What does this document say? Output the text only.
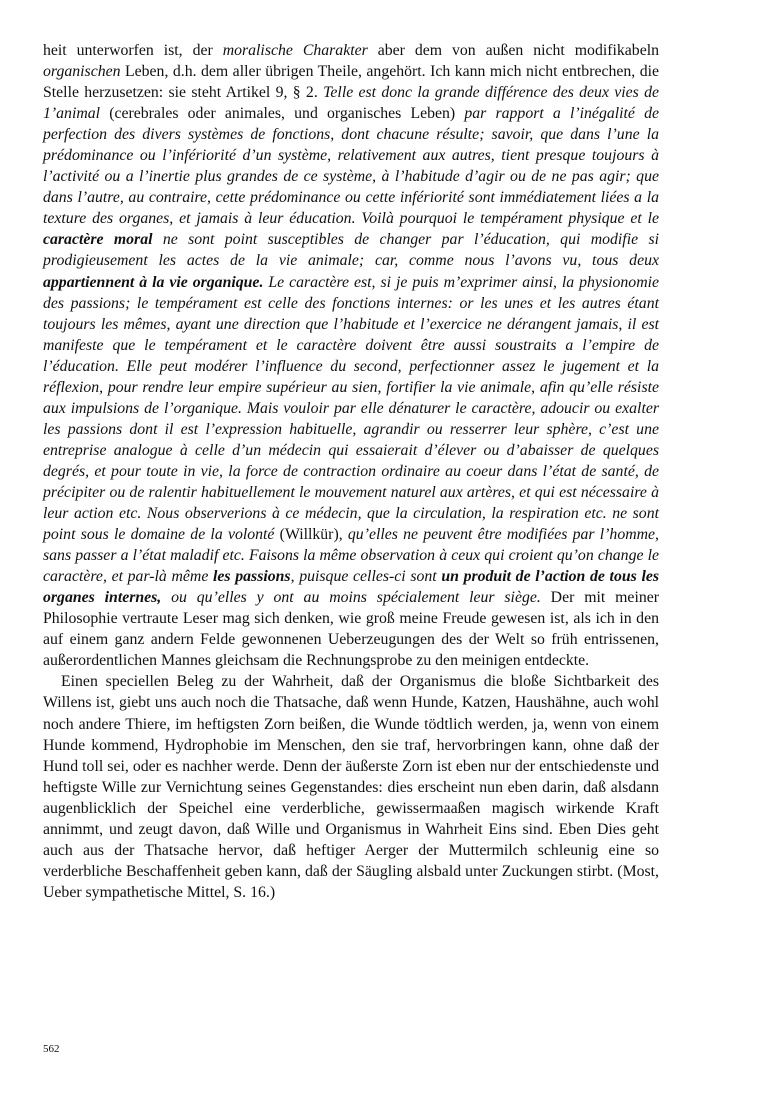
heit unterworfen ist, der moralische Charakter aber dem von außen nicht modifikabeln organischen Leben, d.h. dem aller übrigen Theile, angehört. Ich kann mich nicht entbrechen, die Stelle herzusetzen: sie steht Artikel 9, § 2. Telle est donc la grande différence des deux vies de 1’animal (cerebrales oder animales, und organisches Leben) par rapport a l’inégalité de perfection des divers systèmes de fonctions, dont chacune résulte; savoir, que dans l’une la prédominance ou l’infériorité d’un système, relativement aux autres, tient presque toujours à l’activité ou a l’inertie plus grandes de ce système, à l’habitude d’agir ou de ne pas agir; que dans l’autre, au contraire, cette prédominance ou cette infériorité sont immédiatement liées a la texture des organes, et jamais à leur éducation. Voilà pourquoi le tempérament physique et le caractère moral ne sont point susceptibles de changer par l’éducation, qui modifie si prodigieusement les actes de la vie animale; car, comme nous l’avons vu, tous deux appartiennent à la vie organique. Le caractère est, si je puis m’exprimer ainsi, la physionomie des passions; le tempérament est celle des fonctions internes: or les unes et les autres étant toujours les mêmes, ayant une direction que l’habitude et l’exercice ne dérangent jamais, il est manifeste que le tempérament et le caractère doivent être aussi soustraits a l’empire de l’éducation. Elle peut modérer l’influence du second, perfectionner assez le jugement et la réflexion, pour rendre leur empire supérieur au sien, fortifier la vie animale, afin qu’elle résiste aux impulsions de l’organique. Mais vouloir par elle dénaturer le caractère, adoucir ou exalter les passions dont il est l’expression habituelle, agrandir ou resserrer leur sphère, c’est une entreprise analogue à celle d’un médecin qui essaierait d’élever ou d’abaisser de quelques degrés, et pour toute in vie, la force de contraction ordinaire au coeur dans l’état de santé, de précipiter ou de ralentir habituellement le mouvement naturel aux artères, et qui est nécessaire à leur action etc. Nous observerions à ce médecin, que la circulation, la respiration etc. ne sont point sous le domaine de la volonté (Willkür), qu’elles ne peuvent être modifiées par l’homme, sans passer a l’état maladif etc. Faisons la même observation à ceux qui croient qu’on change le caractère, et par-là même les passions, puisque celles-ci sont un produit de l’action de tous les organes internes, ou qu’elles y ont au moins spécialement leur siège. Der mit meiner Philosophie vertraute Leser mag sich denken, wie groß meine Freude gewesen ist, als ich in den auf einem ganz andern Felde gewonnenen Ueberzeugungen des der Welt so früh entrissenen, außerordentlichen Mannes gleichsam die Rechnungsprobe zu den meinigen entdeckte.

Einen speciellen Beleg zu der Wahrheit, daß der Organismus die bloße Sichtbarkeit des Willens ist, giebt uns auch noch die Thatsache, daß wenn Hunde, Katzen, Haushähne, auch wohl noch andere Thiere, im heftigsten Zorn beißen, die Wunde tödtlich werden, ja, wenn von einem Hunde kommend, Hydrophobie im Menschen, den sie traf, hervorbringen kann, ohne daß der Hund toll sei, oder es nachher werde. Denn der äußerste Zorn ist eben nur der entschiedenste und heftigste Wille zur Vernichtung seines Gegenstandes: dies erscheint nun eben darin, daß alsdann augenblicklich der Speichel eine verderbliche, gewissermaaßen magisch wirkende Kraft annimmt, und zeugt davon, daß Wille und Organismus in Wahrheit Eins sind. Eben Dies geht auch aus der Thatsache hervor, daß heftiger Aerger der Muttermilch schleunig eine so verderbliche Beschaffenheit geben kann, daß der Säugling alsbald unter Zuckungen stirbt. (Most, Ueber sympathetische Mittel, S. 16.)

562
